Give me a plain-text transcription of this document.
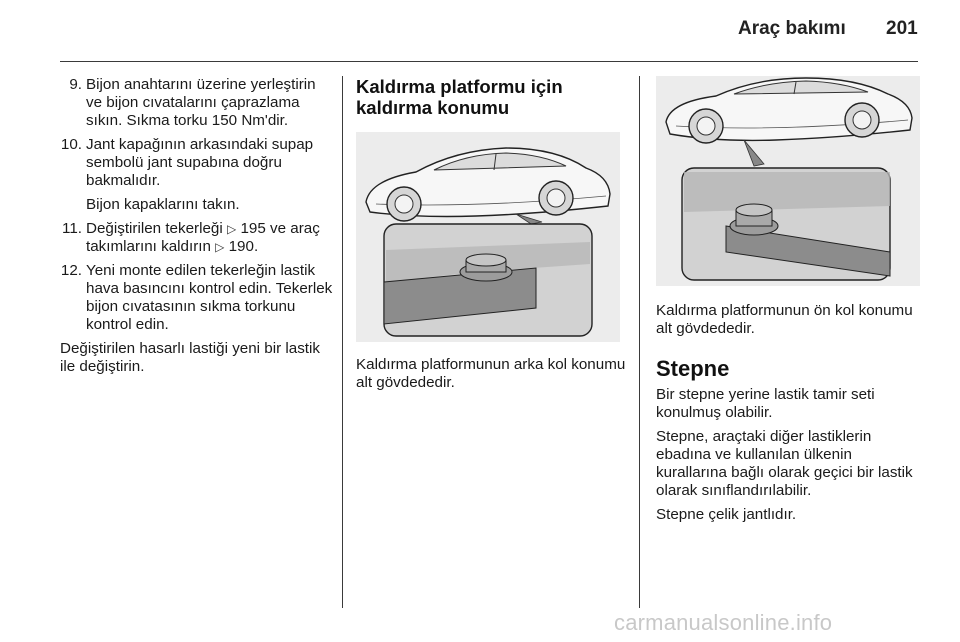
Araç bakımı 201
9. Bijon anahtarını üzerine yerleştirin ve bijon cıvatalarını çaprazlama sıkın. Sıkma torku 150 Nm'dir.

10. Jant kapağının arkasındaki supap sembolü jant supabına doğru bakmalıdır.

Bijon kapaklarını takın.

11. Değiştirilen tekerleği ▷ 195 ve araç takımlarını kaldırın ▷ 190.

12. Yeni monte edilen tekerleğin lastik hava basıncını kontrol edin. Tekerlek bijon cıvatasının sıkma torkunu kontrol edin.

Değiştirilen hasarlı lastiği yeni bir lastik ile değiştirin.

Kaldırma platformu için kaldırma konumu

Kaldırma platformunun arka kol konumu alt gövdededir.

Kaldırma platformunun ön kol konumu alt gövdededir.

Stepne

Bir stepne yerine lastik tamir seti konulmuş olabilir.

Stepne, araçtaki diğer lastiklerin ebadına ve kullanılan ülkenin kurallarına bağlı olarak geçici bir lastik olarak sınıflandırılabilir.

Stepne çelik jantlıdır.

carmanualsonline.info
